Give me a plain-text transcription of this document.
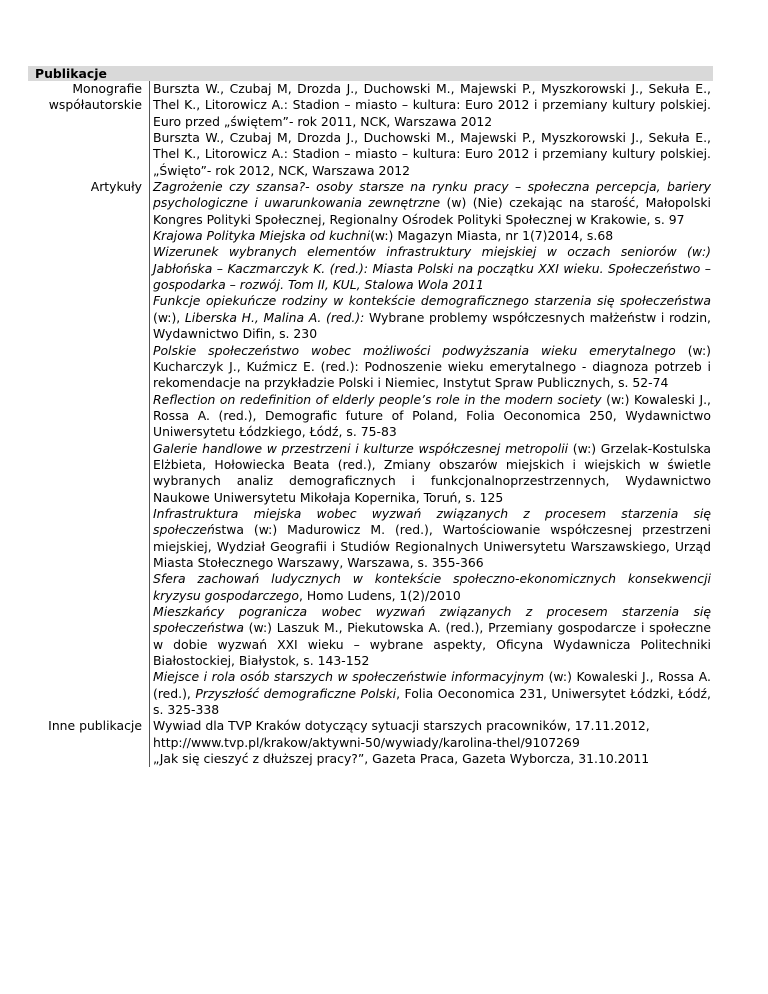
Publikacje
Monografie
współautorskie
Burszta W., Czubaj M, Drozda J., Duchowski M., Majewski P., Myszkorowski J., Sekuła E., Thel K., Litorowicz A.: Stadion – miasto – kultura: Euro 2012 i przemiany kultury polskiej. Euro przed „świętem”- rok 2011, NCK, Warszawa 2012
Burszta W., Czubaj M, Drozda J., Duchowski M., Majewski P., Myszkorowski J., Sekuła E., Thel K., Litorowicz A.: Stadion – miasto – kultura: Euro 2012 i przemiany kultury polskiej. „Święto”- rok 2012, NCK, Warszawa 2012
Artykuły Zagrożenie czy szansa?- osoby starsze na rynku pracy – społeczna percepcja, bariery psychologiczne i uwarunkowania zewnętrzne (w) (Nie) czekając na starość, Małopolski Kongres Polityki Społecznej, Regionalny Ośrodek Polityki Społecznej w Krakowie, s. 97
Krajowa Polityka Miejska od kuchni(w:) Magazyn Miasta, nr 1(7)2014, s.68
Wizerunek wybranych elementów infrastruktury miejskiej w oczach seniorów (w:) Jabłońska – Kaczmarczyk K. (red.): Miasta Polski na początku XXI wieku. Społeczeństwo – gospodarka – rozwój. Tom II, KUL, Stalowa Wola 2011
Funkcje opiekuńcze rodziny w kontekście demograficznego starzenia się społeczeństwa (w:), Liberska H., Malina A. (red.): Wybrane problemy współczesnych małżeństw i rodzin, Wydawnictwo Difin, s. 230
Polskie społeczeństwo wobec możliwości podwyższania wieku emerytalnego (w:) Kucharczyk J., Kuźmicz E. (red.): Podnoszenie wieku emerytalnego - diagnoza potrzeb i rekomendacje na przykładzie Polski i Niemiec, Instytut Spraw Publicznych, s. 52-74
Reflection on redefinition of elderly people’s role in the modern society (w:) Kowaleski J., Rossa A. (red.), Demografic future of Poland, Folia Oeconomica 250, Wydawnictwo Uniwersytetu Łódzkiego, Łódź, s. 75-83
Galerie handlowe w przestrzeni i kulturze współczesnej metropolii (w:) Grzelak-Kostulska Elżbieta, Hołowiecka Beata (red.), Zmiany obszarów miejskich i wiejskich w świetle wybranych analiz demograficznych i funkcjonalnoprzestrzennych, Wydawnictwo Naukowe Uniwersytetu Mikołaja Kopernika, Toruń, s. 125
Infrastruktura miejska wobec wyzwań związanych z procesem starzenia się społeczeństwa (w:) Madurowicz M. (red.), Wartościowanie współczesnej przestrzeni miejskiej, Wydział Geografii i Studiów Regionalnych Uniwersytetu Warszawskiego, Urząd Miasta Stołecznego Warszawy, Warszawa, s. 355-366
Sfera zachowań ludycznych w kontekście społeczno-ekonomicznych konsekwencji kryzysu gospodarczego, Homo Ludens, 1(2)/2010
Mieszkańcy pogranicza wobec wyzwań związanych z procesem starzenia się społeczeństwa (w:) Laszuk M., Piekutowska A. (red.), Przemiany gospodarcze i społeczne w dobie wyzwań XXI wieku – wybrane aspekty, Oficyna Wydawnicza Politechniki Białostockiej, Białystok, s. 143-152
Miejsce i rola osób starszych w społeczeństwie informacyjnym (w:) Kowaleski J., Rossa A. (red.), Przyszłość demograficzne Polski, Folia Oeconomica 231, Uniwersytet Łódzki, Łódź, s. 325-338
Inne publikacje Wywiad dla TVP Kraków dotyczący sytuacji starszych pracowników, 17.11.2012, http://www.tvp.pl/krakow/aktywni-50/wywiady/karolina-thel/9107269
„Jak się cieszyć z dłuższej pracy?”, Gazeta Praca, Gazeta Wyborcza, 31.10.2011
